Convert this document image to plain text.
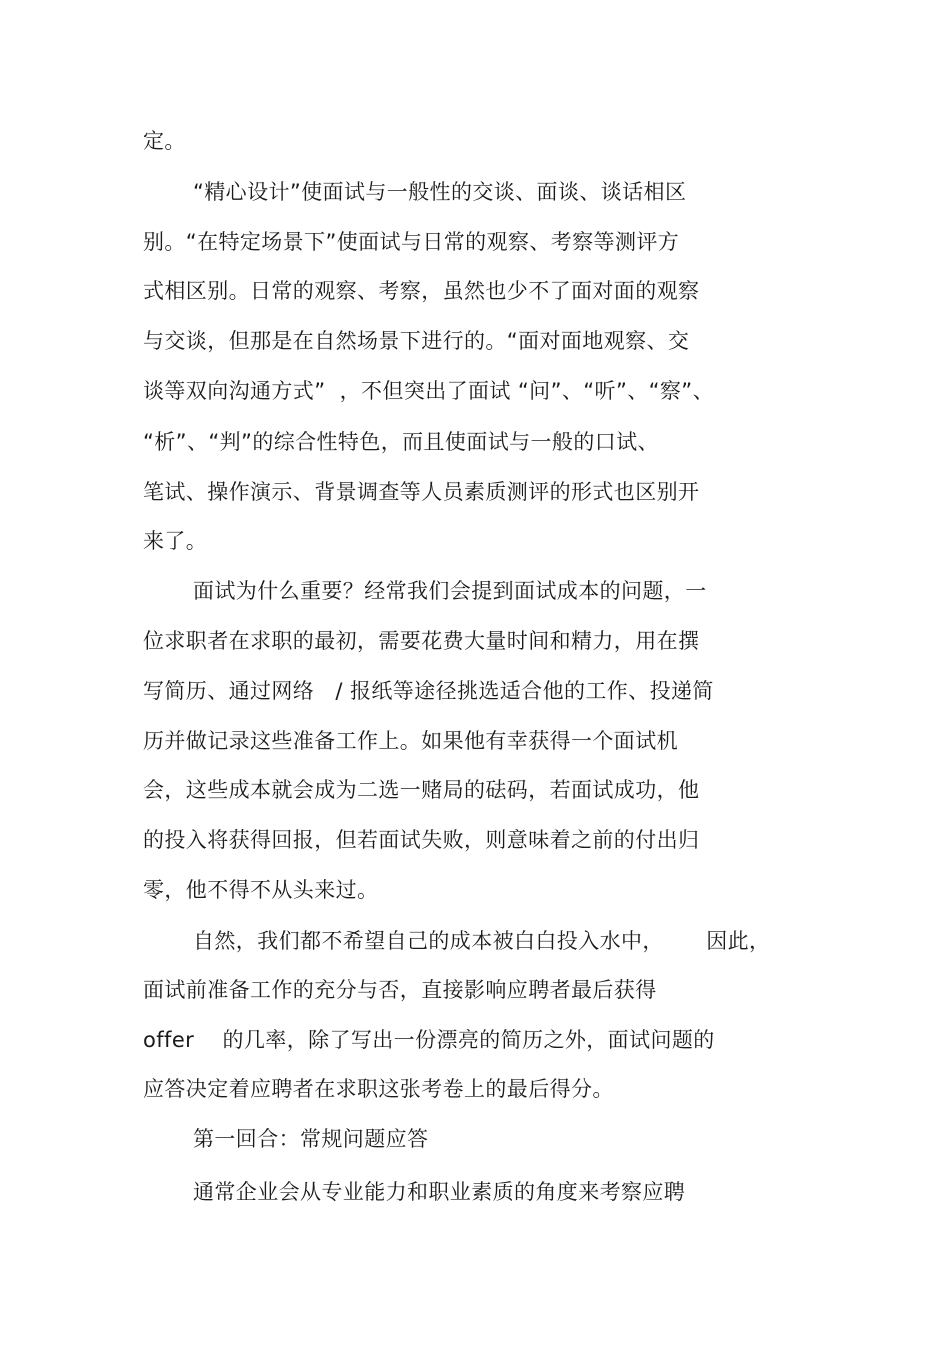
定。
“精心设计”使面试与一般性的交谈、面谈、谈话相区
别。“在特定场景下”使面试与日常的观察、考察等测评方
式相区别。日常的观察、考察，虽然也少不了面对面的观察
与交谈，但那是在自然场景下进行的。“面对面地观察、交
谈等双向沟通方式”  ，不但突出了面试 “问”、“听”、“察”、
“析”、“判”的综合性特色，而且使面试与一般的口试、
笔试、操作演示、背景调查等人员素质测评的形式也区别开
来了。
面试为什么重要？经常我们会提到面试成本的问题，一
位求职者在求职的最初，需要花费大量时间和精力，用在撰
写简历、通过网络   / 报纸等途径挑选适合他的工作、投递简
历并做记录这些准备工作上。如果他有幸获得一个面试机
会，这些成本就会成为二选一赌局的砝码，若面试成功，他
的投入将获得回报，但若面试失败，则意味着之前的付出归
零，他不得不从头来过。
自然，我们都不希望自己的成本被白白投入水中，      因此，
面试前准备工作的充分与否，直接影响应聘者最后获得
offer    的几率，除了写出一份漂亮的简历之外，面试问题的
应答决定着应聘者在求职这张考卷上的最后得分。
第一回合：常规问题应答
通常企业会从专业能力和职业素质的角度来考察应聘
